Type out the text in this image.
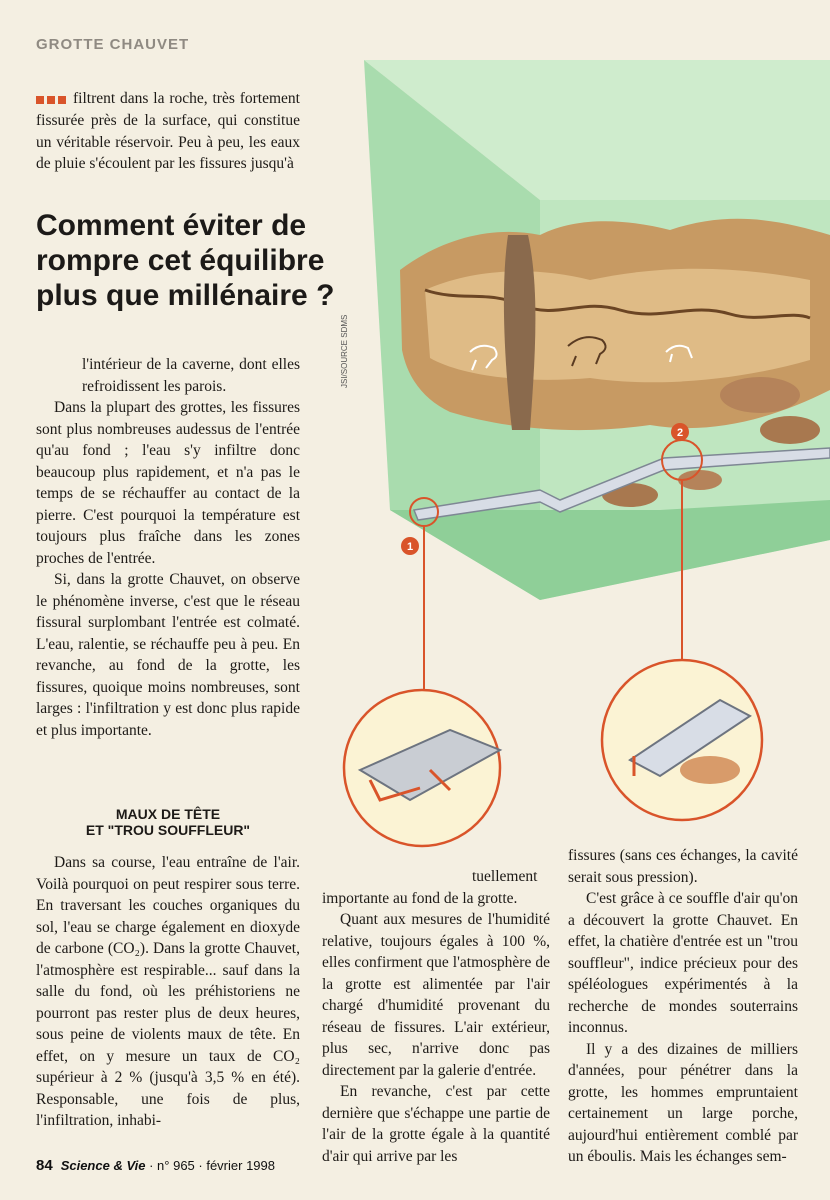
GROTTE CHAUVET
filtrent dans la roche, très fortement fissurée près de la surface, qui constitue un véritable réservoir. Peu à peu, les eaux de pluie s'écoulent par les fissures jusqu'à
Comment éviter de rompre cet équilibre plus que millénaire ?

l'intérieur de la caverne, dont elles refroidissent les parois.

Dans la plupart des grottes, les fissures sont plus nombreuses audessus de l'entrée qu'au fond ; l'eau s'y infiltre donc beaucoup plus rapidement, et n'a pas le temps de se réchauffer au contact de la pierre. C'est pourquoi la température est toujours plus fraîche dans les zones proches de l'entrée.

Si, dans la grotte Chauvet, on observe le phénomène inverse, c'est que le réseau fissural surplombant l'entrée est colmaté. L'eau, ralentie, se réchauffe peu à peu. En revanche, au fond de la grotte, les fissures, quoique moins nombreuses, sont larges : l'infiltration y est donc plus rapide et plus importante.

MAUX DE TÊTE
ET "TROU SOUFFLEUR"

Dans sa course, l'eau entraîne de l'air. Voilà pourquoi on peut respirer sous terre. En traversant les couches organiques du sol, l'eau se charge également en dioxyde de carbone (CO₂). Dans la grotte Chauvet, l'atmosphère est respirable... sauf dans la salle du fond, où les préhistoriens ne pourront pas rester plus de deux heures, sous peine de violents maux de tête. En effet, on y mesure un taux de CO₂ supérieur à 2 % (jusqu'à 3,5 % en été). Responsable, une fois de plus, l'infiltration, inhabi-

tuellement importante au fond de la grotte.

Quant aux mesures de l'humidité relative, toujours égales à 100 %, elles confirment que l'atmosphère de la grotte est alimentée par l'air chargé d'humidité provenant du réseau de fissures. L'air extérieur, plus sec, n'arrive donc pas directement par la galerie d'entrée.

En revanche, c'est par cette dernière que s'échappe une partie de l'air de la grotte égale à la quantité d'air qui arrive par les

fissures (sans ces échanges, la cavité serait sous pression).

C'est grâce à ce souffle d'air qu'on a découvert la grotte Chauvet. En effet, la chatière d'entrée est un "trou souffleur", indice précieux pour des spéléologues expérimentés à la recherche de mondes souterrains inconnus.

Il y a des dizaines de milliers d'années, pour pénétrer dans la grotte, les hommes empruntaient certainement un large porche, aujourd'hui entièrement comblé par un éboulis. Mais les échanges sem-

1
2
JSI/SOURCE SDMS
84 Science & Vie · n° 965 · février 1998
